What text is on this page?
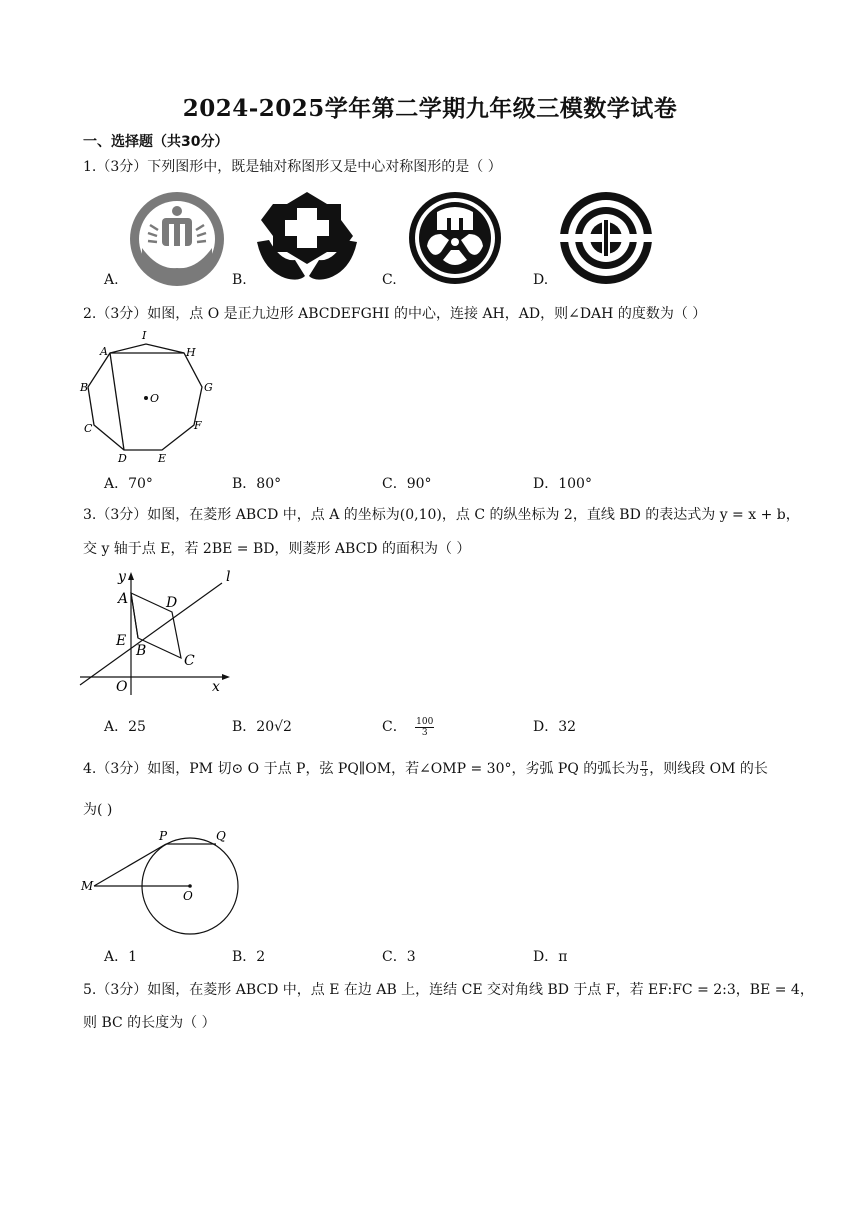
2024-2025学年第二学期九年级三模数学试卷
一、选择题（共30分）
1.（3分）下列图形中，既是轴对称图形又是中心对称图形的是（ ）
A.	B.	C.	D.
2.（3分）如图，点 O 是正九边形 ABCDEFGHI 的中心，连接 AH，AD，则∠DAH 的度数为（ ）
A
B
C
D	E
F
G
H
I
O
A．70°	B．80°	C．90°	D．100°
3.（3分）如图，在菱形 ABCD 中，点 A 的坐标为(0,10)，点 C 的纵坐标为 2，直线 BD 的表达式为 y = x + b，
交 y 轴于点 E，若 2BE = BD，则菱形 ABCD 的面积为（ ）
y
A	D
l
E
B
C
O	x
A．25	B．20√2	C． $\frac{100}{3}$	D．32
4.（3分）如图，PM 切⊙ O 于点 P，弦 PQ∥OM，若∠OMP = 30°，劣弧 PQ 的弧长为 $\frac{\pi}{3}$ ，则线段 OM 的长
为( )
P	Q
M
O
A．1	B．2	C．3	D．π
5.（3分）如图，在菱形 ABCD 中，点 E 在边 AB 上，连结 CE 交对角线 BD 于点 F，若 EF:FC = 2:3，BE = 4，
则 BC 的长度为（ ）
